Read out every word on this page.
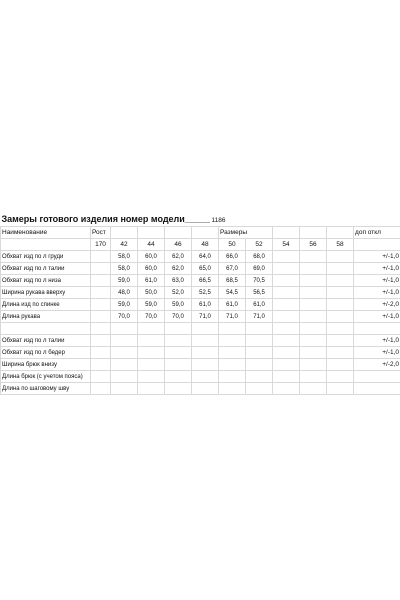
Замеры готового изделия номер модели_____ 1186											
Наименование	Рост					Размеры					доп откл
	170	42	44	46	48	50	52	54	56	58	
Обхват изд по л груди		58,0	60,0	62,0	64,0	66,0	68,0				+/-1,0
Обхват изд по л талии		58,0	60,0	62,0	65,0	67,0	69,0				+/-1,0
Обхват изд по л низа		59,0	61,0	63,0	66,5	68,5	70,5				+/-1,0
Ширина рукава вверху		48,0	50,0	52,0	52,5	54,5	56,5				+/-1,0
Длина изд по спинке		59,0	59,0	59,0	61,0	61,0	61,0				+/-2,0
Длина рукава		70,0	70,0	70,0	71,0	71,0	71,0				+/-1,0

Обхват изд по л талии											+/-1,0
Обхват изд по л бедер											+/-1,0
Ширина брюк внизу											+/-2,0
Длина брюк (с учетом пояса)											
Длина по шаговому шву											
